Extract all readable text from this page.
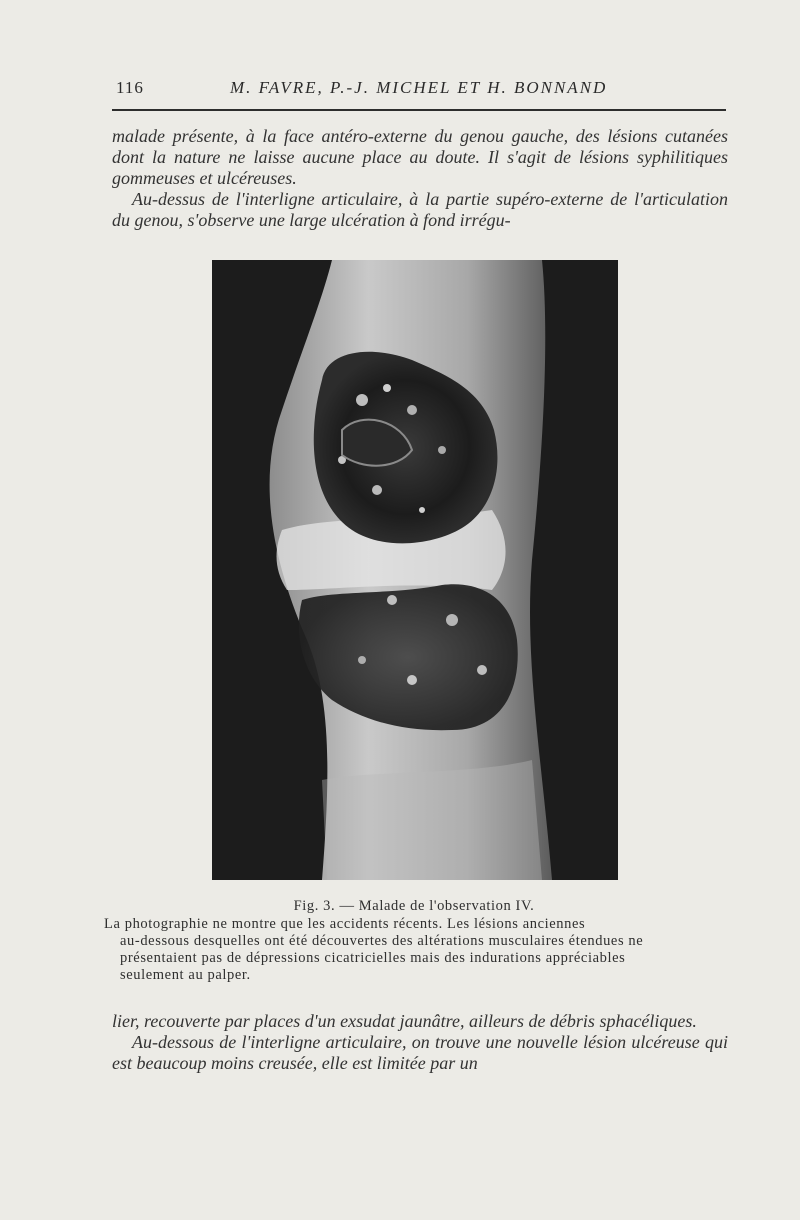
116	M. FAVRE, P.-J. MICHEL ET H. BONNAND

malade présente, à la face antéro-externe du genou gauche, des lésions cutanées dont la nature ne laisse aucune place au doute. Il s'agit de lésions syphilitiques gommeuses et ulcéreuses.

Au-dessus de l'interligne articulaire, à la partie supéro-externe de l'articulation du genou, s'observe une large ulcération à fond irrégu-

Fig. 3. — Malade de l'observation IV.

La photographie ne montre que les accidents récents. Les lésions anciennes
au-dessous desquelles ont été découvertes des altérations musculaires étendues ne
présentaient pas de dépressions cicatricielles mais des indurations appréciables
seulement au palper.

lier, recouverte par places d'un exsudat jaunâtre, ailleurs de débris sphacéliques.

Au-dessous de l'interligne articulaire, on trouve une nouvelle lésion ulcéreuse qui est beaucoup moins creusée, elle est limitée par un
